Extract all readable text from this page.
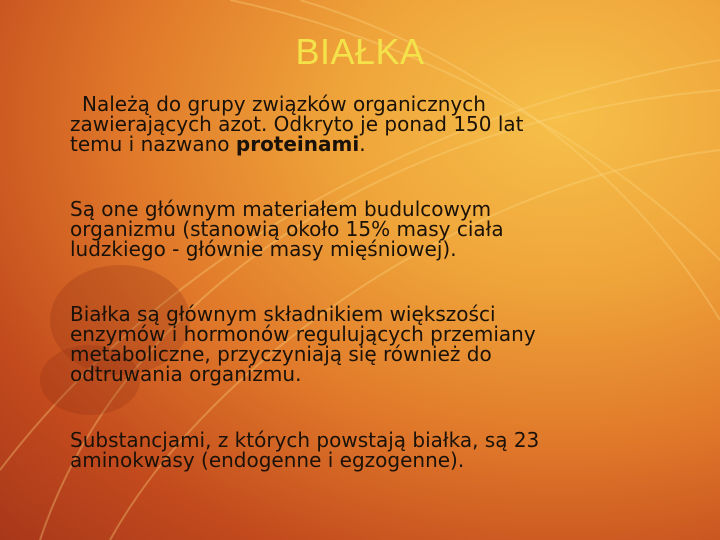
BIAŁKA
Należą do grupy związków organicznych
zawierających azot. Odkryto je ponad 150 lat
temu i nazwano proteinami.
Są one głównym materiałem budulcowym
organizmu (stanowią około 15% masy ciała
ludzkiego - głównie masy mięśniowej).
Białka są głównym składnikiem większości
enzymów i hormonów regulujących przemiany
metaboliczne, przyczyniają się również do
odtruwania organizmu.
Substancjami, z których powstają białka, są 23
aminokwasy (endogenne i egzogenne).
